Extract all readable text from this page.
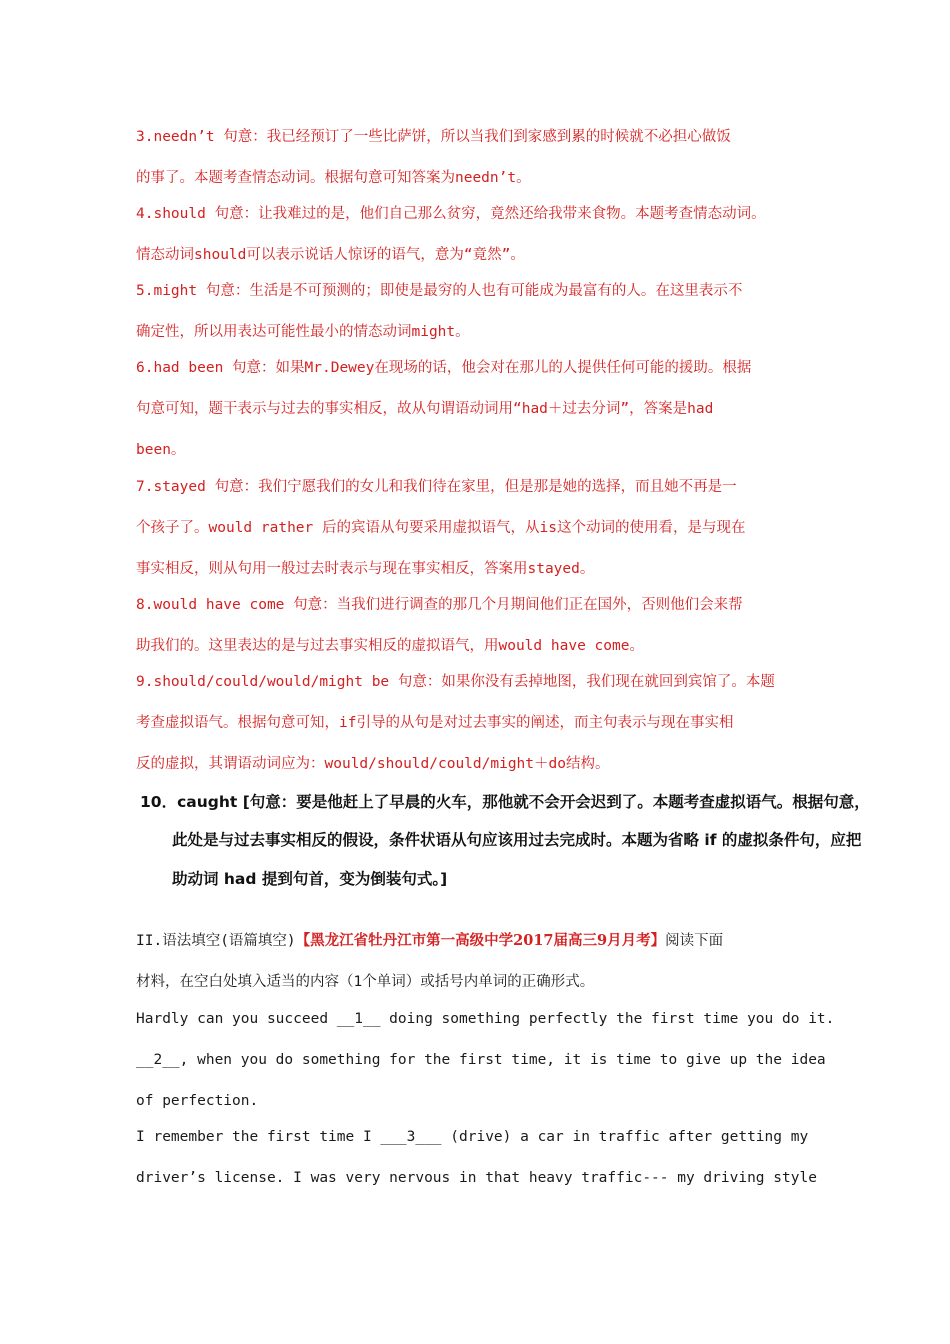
3.needn’t 句意：我已经预订了一些比萨饼，所以当我们到家感到累的时候就不必担心做饭
的事了。本题考查情态动词。根据句意可知答案为needn’t。
4.should 句意：让我难过的是，他们自己那么贫穷，竟然还给我带来食物。本题考查情态动词。
情态动词should可以表示说话人惊讶的语气，意为“竟然”。
5.might 句意：生活是不可预测的；即使是最穷的人也有可能成为最富有的人。在这里表示不
确定性，所以用表达可能性最小的情态动词might。
6.had been 句意：如果Mr.Dewey在现场的话，他会对在那儿的人提供任何可能的援助。根据
句意可知，题干表示与过去的事实相反，故从句谓语动词用“had＋过去分词”，答案是had
been。
7.stayed 句意：我们宁愿我们的女儿和我们待在家里，但是那是她的选择，而且她不再是一
个孩子了。would rather 后的宾语从句要采用虚拟语气，从is这个动词的使用看，是与现在
事实相反，则从句用一般过去时表示与现在事实相反，答案用stayed。
8.would have come 句意：当我们进行调查的那几个月期间他们正在国外，否则他们会来帮
助我们的。这里表达的是与过去事实相反的虚拟语气，用would have come。
9.should/could/would/might be 句意：如果你没有丢掉地图，我们现在就回到宾馆了。本题
考查虚拟语气。根据句意可知，if引导的从句是对过去事实的阐述，而主句表示与现在事实相
反的虚拟，其谓语动词应为：would/should/could/might＋do结构。
10．caught [句意：要是他赶上了早晨的火车，那他就不会开会迟到了。本题考查虚拟语气。根据句意，
此处是与过去事实相反的假设，条件状语从句应该用过去完成时。本题为省略 if 的虚拟条件句，应把
助动词 had 提到句首，变为倒装句式。]
II.语法填空(语篇填空)【黑龙江省牡丹江市第一高级中学2017届高三9月月考】阅读下面
材料，在空白处填入适当的内容（1个单词）或括号内单词的正确形式。
Hardly can you succeed __1__ doing something perfectly the first time you do it.
__2__, when you do something for the first time, it is time to give up the idea
of perfection.
I remember the first time I ___3___ (drive) a car in traffic after getting my
driver’s license. I was very nervous in that heavy traffic--- my driving style
